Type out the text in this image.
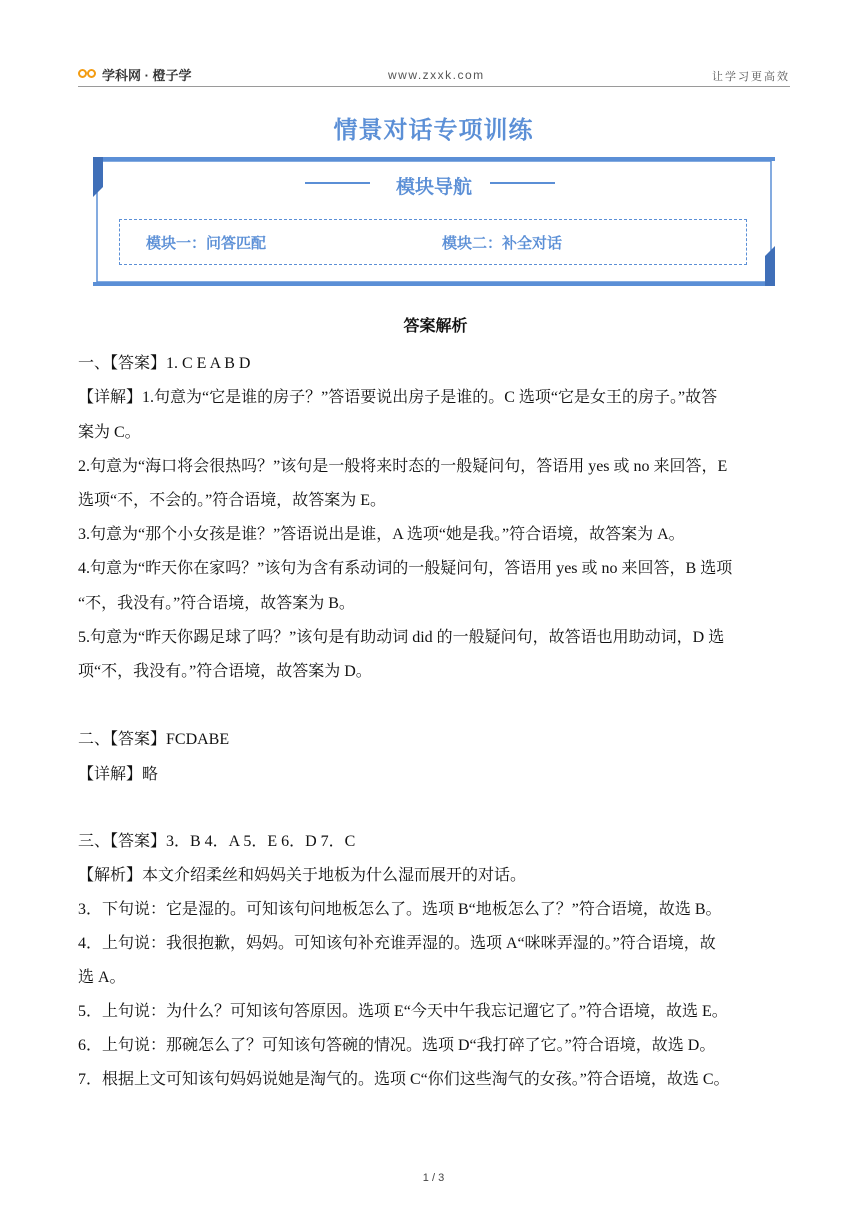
学科网 · 橙子学	www.zxxk.com	让学习更高效
情景对话专项训练
模块导航
模块一：问答匹配	模块二：补全对话
答案解析
一、【答案】1. C E A B D
【详解】1.句意为“它是谁的房子？”答语要说出房子是谁的。C 选项“它是女王的房子。”故答
案为 C。
2.句意为“海口将会很热吗？”该句是一般将来时态的一般疑问句，答语用 yes 或 no 来回答，E
选项“不，不会的。”符合语境，故答案为 E。
3.句意为“那个小女孩是谁？”答语说出是谁，A 选项“她是我。”符合语境，故答案为 A。
4.句意为“昨天你在家吗？”该句为含有系动词的一般疑问句，答语用 yes 或 no 来回答，B 选项
“不，我没有。”符合语境，故答案为 B。
5.句意为“昨天你踢足球了吗？”该句是有助动词 did 的一般疑问句，故答语也用助动词，D 选
项“不，我没有。”符合语境，故答案为 D。
二、【答案】FCDABE
【详解】略
三、【答案】3．B 4．A 5．E 6．D 7．C
【解析】本文介绍柔丝和妈妈关于地板为什么湿而展开的对话。
3．下句说：它是湿的。可知该句问地板怎么了。选项 B“地板怎么了？”符合语境，故选 B。
4．上句说：我很抱歉，妈妈。可知该句补充谁弄湿的。选项 A“咪咪弄湿的。”符合语境，故
选 A。
5．上句说：为什么？可知该句答原因。选项 E“今天中午我忘记遛它了。”符合语境，故选 E。
6．上句说：那碗怎么了？可知该句答碗的情况。选项 D“我打碎了它。”符合语境，故选 D。
7．根据上文可知该句妈妈说她是淘气的。选项 C“你们这些淘气的女孩。”符合语境，故选 C。
1 / 3
